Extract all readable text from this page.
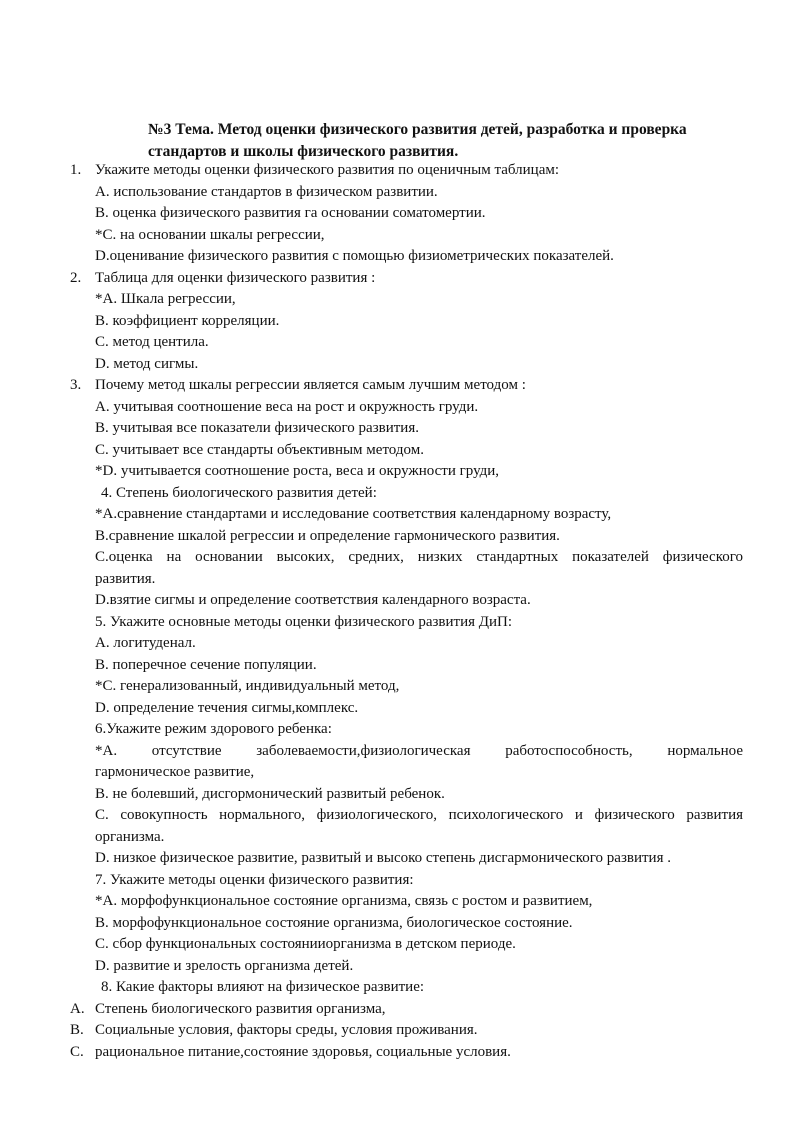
№3 Тема. Метод оценки физического развития детей, разработка и проверка
стандартов и школы физического развития.
1. Укажите методы оценки физического развития по оценичным таблицам:
A. использование стандартов в физическом развитии.
B. оценка физического развития га основании соматомертии.
*C. на основании шкалы регрессии,
D.оценивание физического развития с помощью физиометрических показателей.
2. Таблица для оценки физического развития :
*A. Шкала регрессии,
B. коэффициент корреляции.
C. метод центила.
D. метод сигмы.
3. Почему метод шкалы регрессии является самым лучшим методом :
A. учитывая соотношение веса на рост и окружность груди.
B. учитывая все показатели физического развития.
C. учитывает все стандарты объективным методом.
*D. учитывается соотношение роста, веса и окружности груди,
4. Степень биологического развития детей:
*A.сравнение стандартами и исследование соответствия календарному возрасту,
B.сравнение шкалой регрессии и определение гармонического развития.
C.оценка на основании высоких, средних, низких стандартных показателей физического
развития.
D.взятие сигмы и определение соответствия календарного возраста.
5. Укажите основные методы оценки физического развития ДиП:
A. логитуденал.
B. поперечное сечение популяции.
*C. генерализованный, индивидуальный метод,
D. определение течения сигмы,комплекс.
6.Укажите режим здорового ребенка:
*A. отсутствие заболеваемости,физиологическая работоспособность, нормальное
гармоническое развитие,
B. не болевший, дисгормонический развитый ребенок.
C. совокупность нормального, физиологического, психологического и физического развития
организма.
D. низкое физическое развитие, развитый и высоко степень дисгармонического развития .
7. Укажите методы оценки физического развития:
*A. морфофункциональное состояние организма, связь с ростом и развитием,
B. морфофункциональное состояние организма, биологическое состояние.
C. сбор функциональных состоянииорганизма в детском периоде.
D. развитие и зрелость организма детей.
8. Какие факторы влияют на физическое развитие:
A. Степень биологического развития организма,
B. Социальные условия, факторы среды, условия проживания.
C. рациональное питание,состояние здоровья, социальные условия.
